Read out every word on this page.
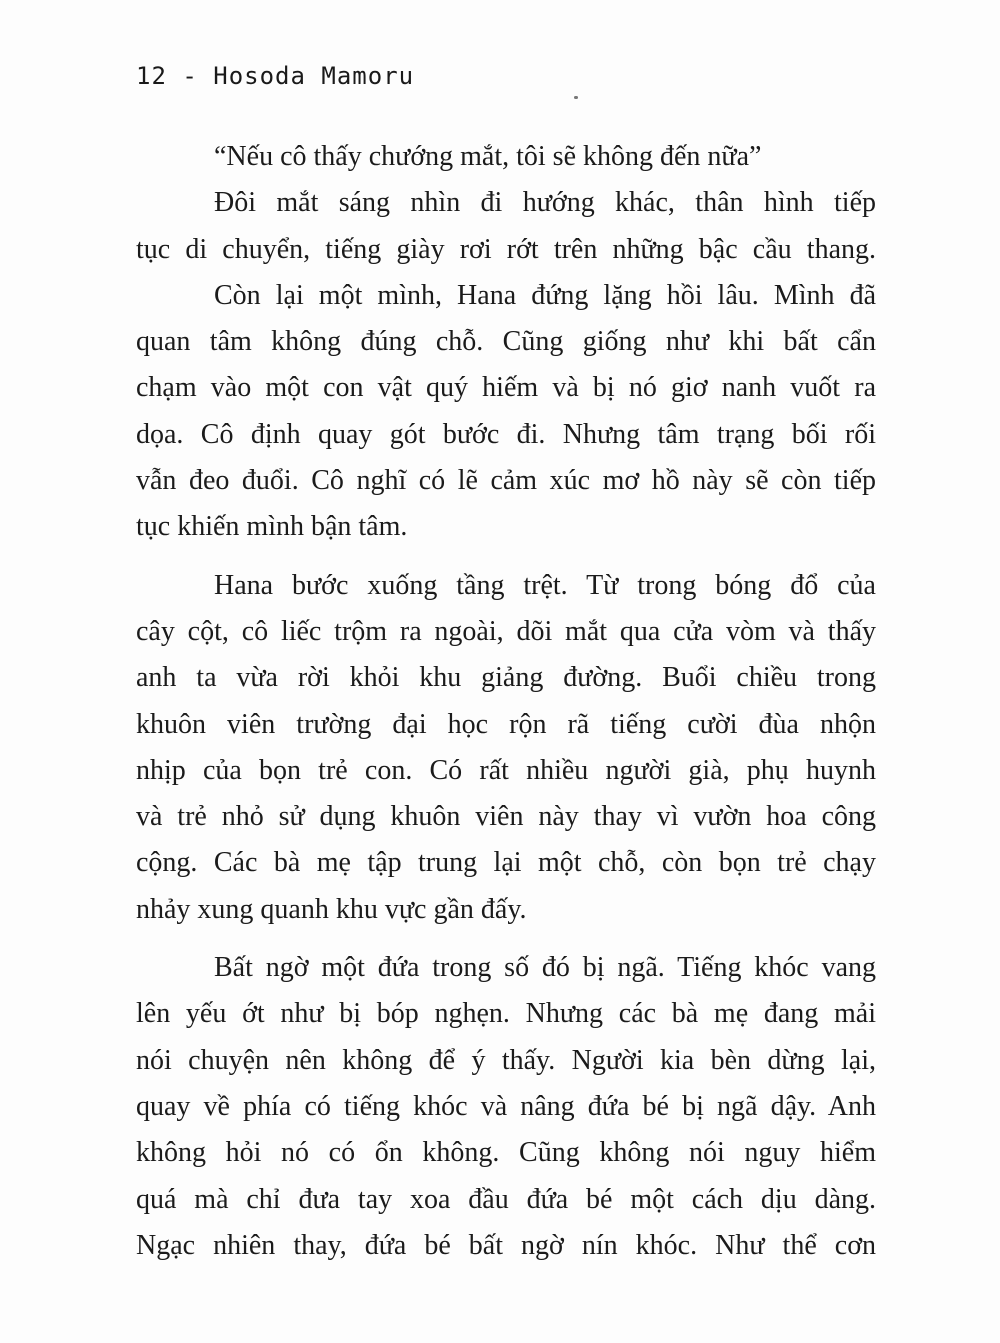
12 - Hosoda Mamoru
“Nếu cô thấy chướng mắt, tôi sẽ không đến nữa”
Đôi mắt sáng nhìn đi hướng khác, thân hình tiếp
tục di chuyển, tiếng giày rơi rớt trên những bậc cầu thang.
Còn lại một mình, Hana đứng lặng hồi lâu. Mình đã
quan tâm không đúng chỗ. Cũng giống như khi bất cẩn
chạm vào một con vật quý hiếm và bị nó giơ nanh vuốt ra
dọa. Cô định quay gót bước đi. Nhưng tâm trạng bối rối
vẫn đeo đuổi. Cô nghĩ có lẽ cảm xúc mơ hồ này sẽ còn tiếp
tục khiến mình bận tâm.
Hana bước xuống tầng trệt. Từ trong bóng đổ của
cây cột, cô liếc trộm ra ngoài, dõi mắt qua cửa vòm và thấy
anh ta vừa rời khỏi khu giảng đường. Buổi chiều trong
khuôn viên trường đại học rộn rã tiếng cười đùa nhộn
nhịp của bọn trẻ con. Có rất nhiều người già, phụ huynh
và trẻ nhỏ sử dụng khuôn viên này thay vì vườn hoa công
cộng. Các bà mẹ tập trung lại một chỗ, còn bọn trẻ chạy
nhảy xung quanh khu vực gần đấy.
Bất ngờ một đứa trong số đó bị ngã. Tiếng khóc vang
lên yếu ớt như bị bóp nghẹn. Nhưng các bà mẹ đang mải
nói chuyện nên không để ý thấy. Người kia bèn dừng lại,
quay về phía có tiếng khóc và nâng đứa bé bị ngã dậy. Anh
không hỏi nó có ổn không. Cũng không nói nguy hiểm
quá mà chỉ đưa tay xoa đầu đứa bé một cách dịu dàng.
Ngạc nhiên thay, đứa bé bất ngờ nín khóc. Như thể cơn
